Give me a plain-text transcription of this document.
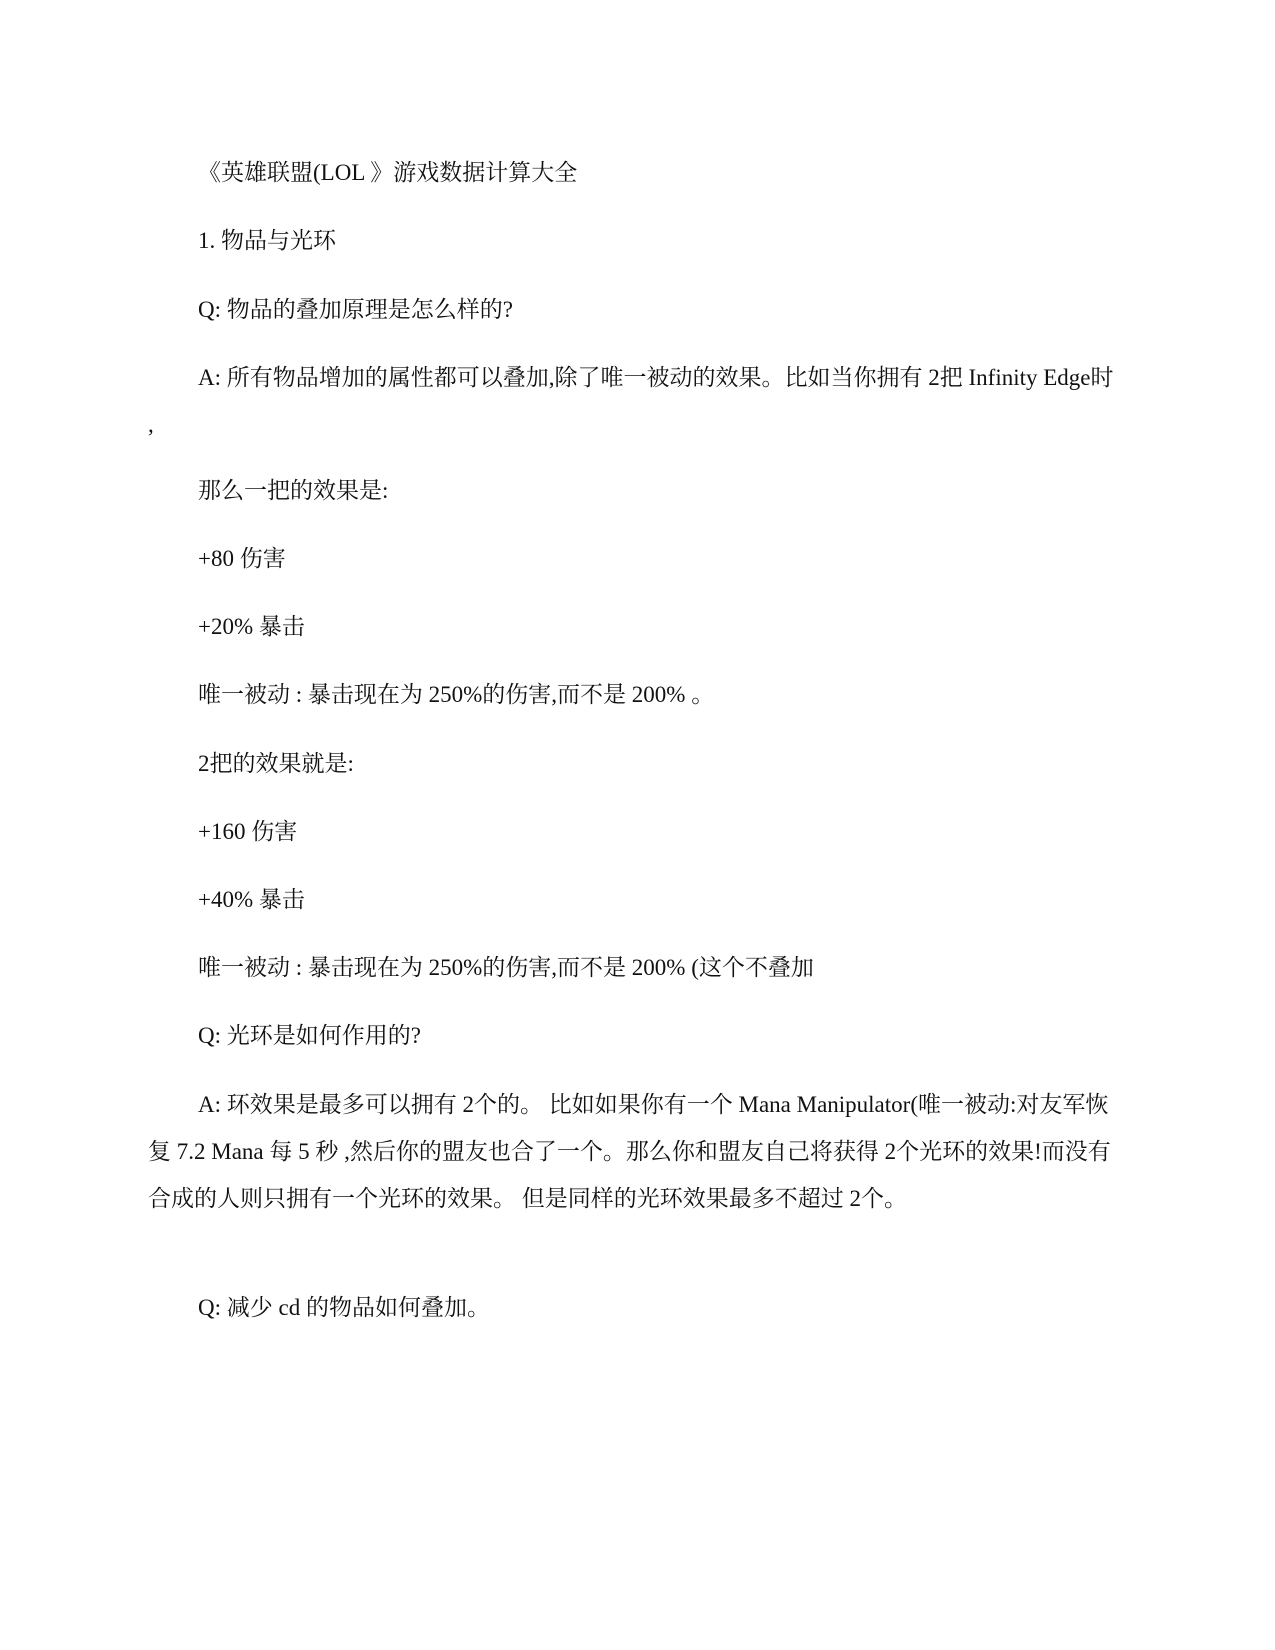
《英雄联盟(LOL 》游戏数据计算大全

1. 物品与光环

Q: 物品的叠加原理是怎么样的?

A: 所有物品增加的属性都可以叠加,除了唯一被动的效果。比如当你拥有 2把 Infinity Edge时 ,

那么一把的效果是:

+80 伤害

+20% 暴击

唯一被动 : 暴击现在为 250%的伤害,而不是 200% 。

2把的效果就是:

+160 伤害

+40% 暴击

唯一被动 : 暴击现在为 250%的伤害,而不是 200% (这个不叠加

Q: 光环是如何作用的?

A: 环效果是最多可以拥有 2个的。 比如如果你有一个 Mana Manipulator(唯一被动:对友军恢复 7.2 Mana 每 5 秒 ,然后你的盟友也合了一个。那么你和盟友自己将获得 2个光环的效果!而没有合成的人则只拥有一个光环的效果。 但是同样的光环效果最多不超过 2个。

Q: 减少 cd 的物品如何叠加。
